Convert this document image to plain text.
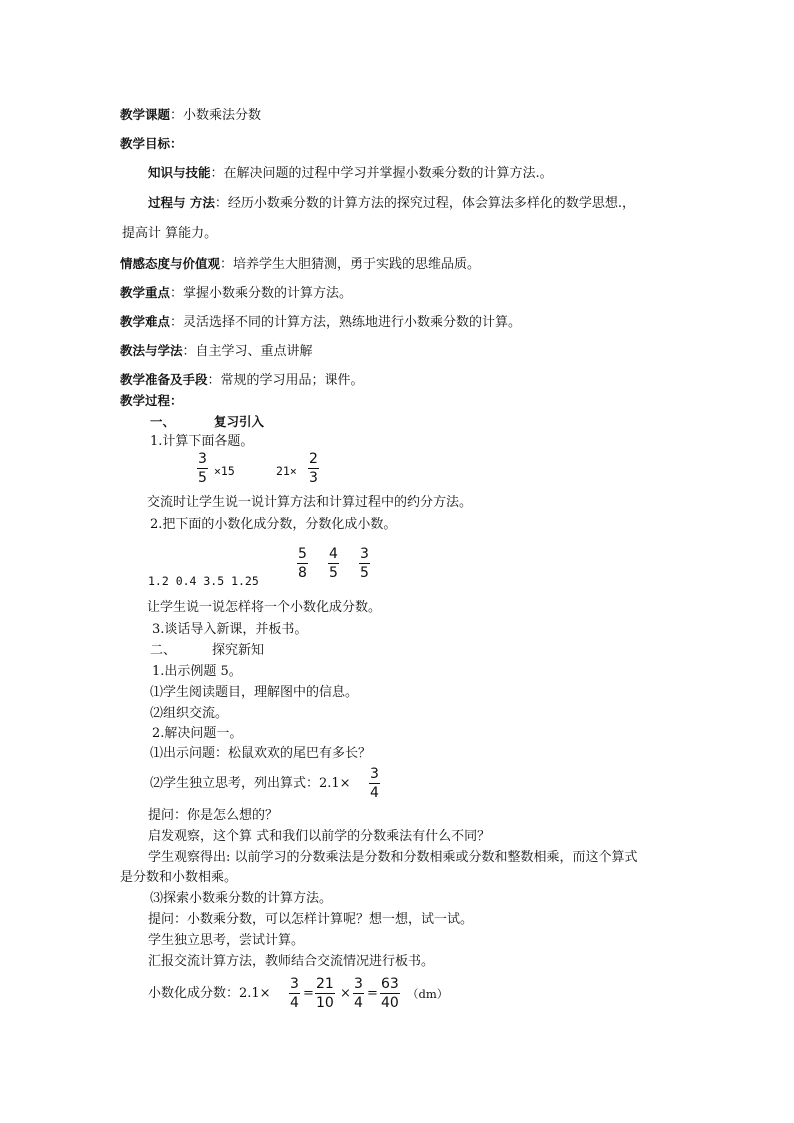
教学课题：小数乘法分数
教学目标：
知识与技能：在解决问题的过程中学习并掌握小数乘分数的计算方法.。
过程与 方法：经历小数乘分数的计算方法的探究过程，体会算法多样化的数学思想.，
提高计 算能力。
情感态度与价值观：培养学生大胆猜测，勇于实践的思维品质。
教学重点：掌握小数乘分数的计算方法。
教学难点：灵活选择不同的计算方法，熟练地进行小数乘分数的计算。
教法与学法：自主学习、重点讲解
教学准备及手段：常规的学习用品；课件。
教学过程：
一、	复习引入
1.计算下面各题。
3
5 ×15	21×
2
3
交流时让学生说一说计算方法和计算过程中的约分方法。
2.把下面的小数化成分数，分数化成小数。
1.2 0.4 3.5 1.25
5
8
4
5
3
5
让学生说一说怎样将一个小数化成分数。
3.谈话导入新课，并板书。
二、	探究新知
1.出示例题 5。
⑴学生阅读题目，理解图中的信息。
⑵组织交流。
2.解决问题一。
⑴出示问题：松鼠欢欢的尾巴有多长？
⑵学生独立思考，列出算式：2.1×
3
4
提问：你是怎么想的？
启发观察，这个算 式和我们以前学的分数乘法有什么不同？
学生观察得出: 以前学习的分数乘法是分数和分数相乘或分数和整数相乘，而这个算式
是分数和小数相乘。
⑶探索小数乘分数的计算方法。
提问：小数乘分数，可以怎样计算呢？想一想，试一试。
学生独立思考，尝试计算。
汇报交流计算方法，教师结合交流情况进行板书。
小数化成分数：2.1×
3
4
=
21
10
×
3
4
=
63
40
（dm）
